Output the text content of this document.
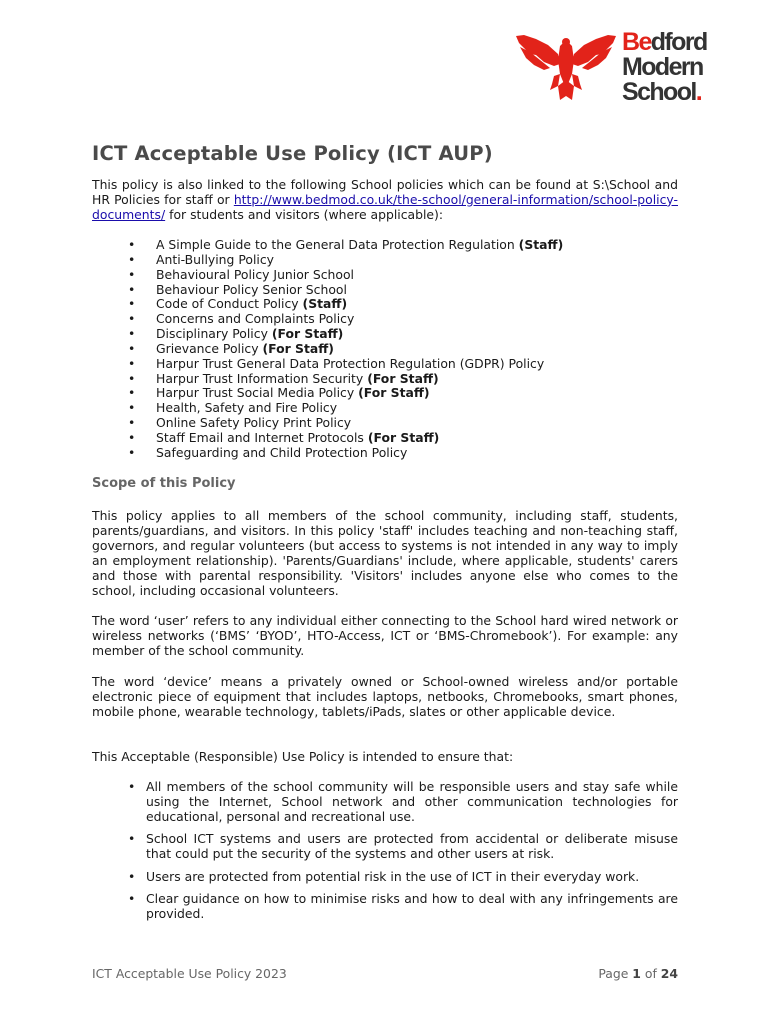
Bedford
Modern
School.
ICT Acceptable Use Policy (ICT AUP)

This policy is also linked to the following School policies which can be found at S:\School and HR Policies for staff or http://www.bedmod.co.uk/the-school/general-information/school-policy-documents/ for students and visitors (where applicable):

• A Simple Guide to the General Data Protection Regulation (Staff)
• Anti-Bullying Policy
• Behavioural Policy Junior School
• Behaviour Policy Senior School
• Code of Conduct Policy (Staff)
• Concerns and Complaints Policy
• Disciplinary Policy (For Staff)
• Grievance Policy (For Staff)
• Harpur Trust General Data Protection Regulation (GDPR) Policy
• Harpur Trust Information Security (For Staff)
• Harpur Trust Social Media Policy (For Staff)
• Health, Safety and Fire Policy
• Online Safety Policy Print Policy
• Staff Email and Internet Protocols (For Staff)
• Safeguarding and Child Protection Policy
Scope of this Policy

This policy applies to all members of the school community, including staff, students, parents/guardians, and visitors. In this policy 'staff' includes teaching and non-teaching staff, governors, and regular volunteers (but access to systems is not intended in any way to imply an employment relationship). 'Parents/Guardians' include, where applicable, students' carers and those with parental responsibility. 'Visitors' includes anyone else who comes to the school, including occasional volunteers.

The word ‘user’ refers to any individual either connecting to the School hard wired network or wireless networks (‘BMS’ ‘BYOD’, HTO-Access, ICT or ‘BMS-Chromebook’). For example: any member of the school community.

The word ‘device’ means a privately owned or School-owned wireless and/or portable electronic piece of equipment that includes laptops, netbooks, Chromebooks, smart phones, mobile phone, wearable technology, tablets/iPads, slates or other applicable device.

This Acceptable (Responsible) Use Policy is intended to ensure that:

• All members of the school community will be responsible users and stay safe while using the Internet, School network and other communication technologies for educational, personal and recreational use.
• School ICT systems and users are protected from accidental or deliberate misuse that could put the security of the systems and other users at risk.
• Users are protected from potential risk in the use of ICT in their everyday work.
• Clear guidance on how to minimise risks and how to deal with any infringements are provided.
ICT Acceptable Use Policy 2023	Page 1 of 24
